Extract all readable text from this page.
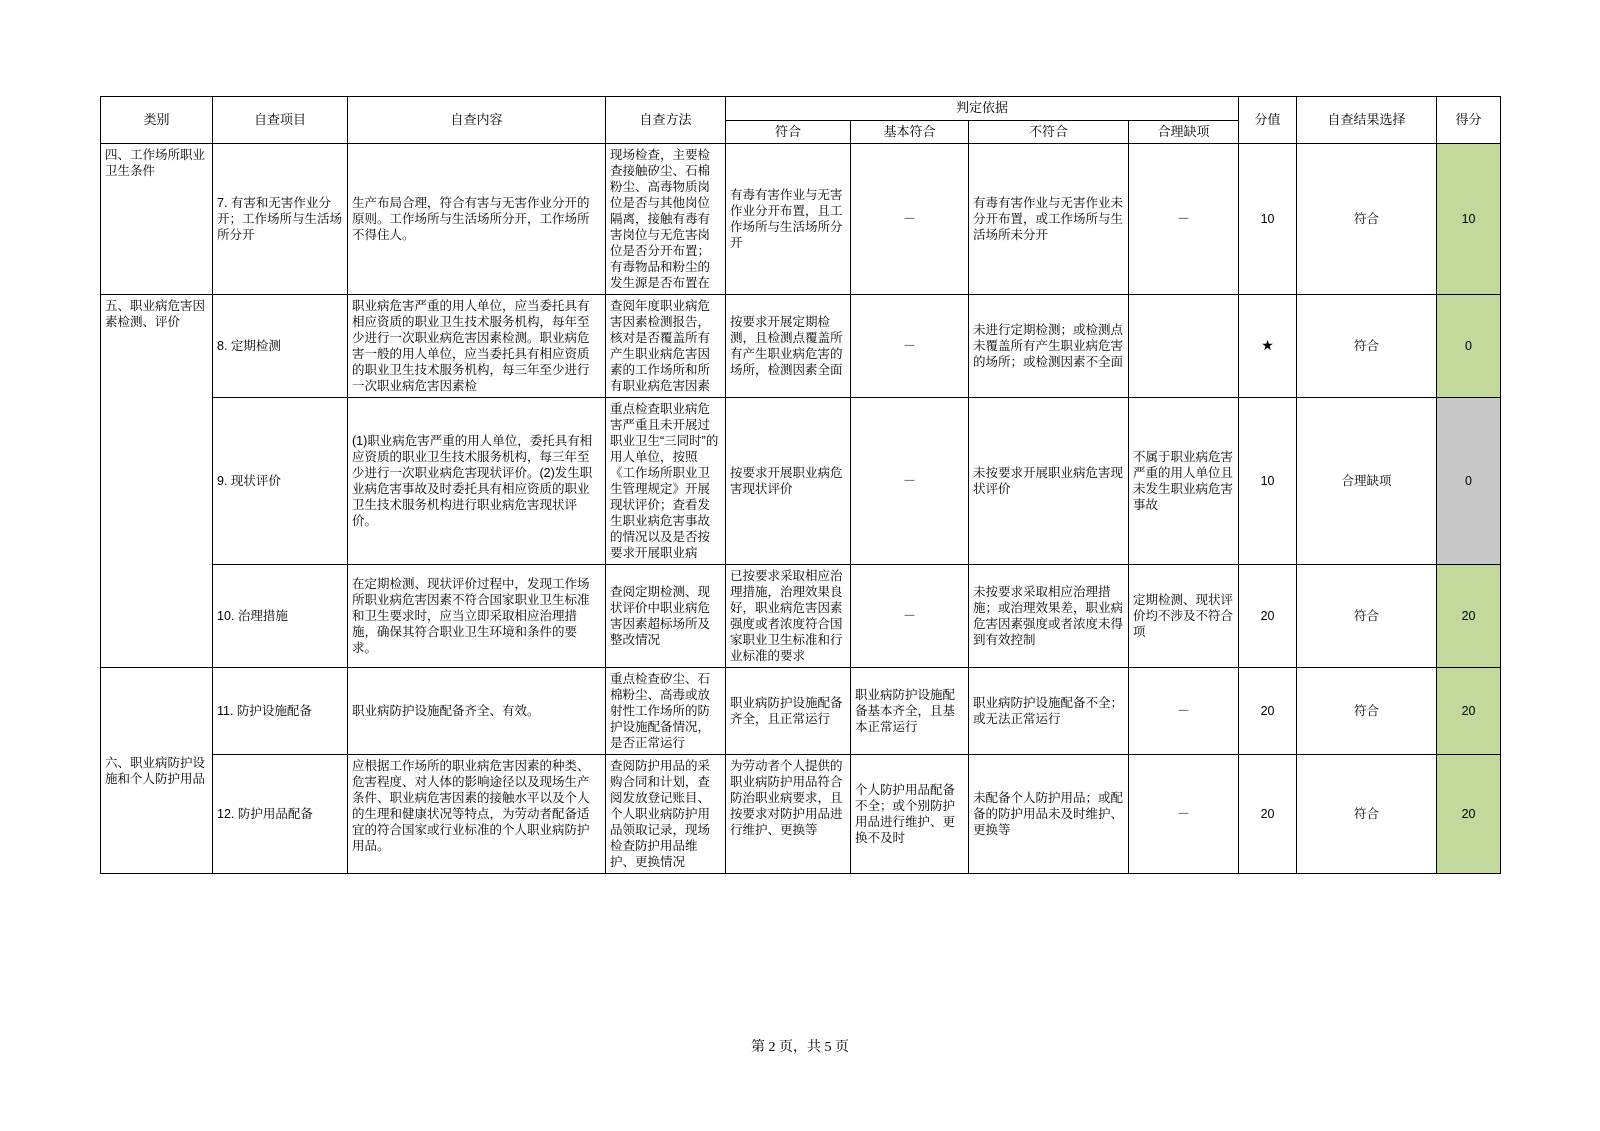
类别	自查项目	自查内容	自查方法	判定依据				分值	自查结果选择	得分
				符合	基本符合	不符合	合理缺项			
四、工作场所职业卫生条件	7. 有害和无害作业分开；工作场所与生活场所分开	生产布局合理，符合有害与无害作业分开的原则。工作场所与生活场所分开，工作场所不得住人。	现场检查，主要检查接触矽尘、石棉粉尘、高毒物质岗位是否与其他岗位隔离，接触有毒有害岗位与无危害岗位是否分开布置；有毒物品和粉尘的发生源是否布置在	有毒有害作业与无害作业分开布置，且工作场所与生活场所分开	－	有毒有害作业与无害作业未分开布置，或工作场所与生活场所未分开	－	10	符合	10
五、职业病危害因素检测、评价	8. 定期检测	职业病危害严重的用人单位，应当委托具有相应资质的职业卫生技术服务机构，每年至少进行一次职业病危害因素检测。职业病危害一般的用人单位，应当委托具有相应资质的职业卫生技术服务机构，每三年至少进行一次职业病危害因素检	查阅年度职业病危害因素检测报告，核对是否覆盖所有产生职业病危害因素的工作场所和所有职业病危害因素	按要求开展定期检测，且检测点覆盖所有产生职业病危害的场所，检测因素全面	－	未进行定期检测；或检测点未覆盖所有产生职业病危害的场所；或检测因素不全面		★	符合	0
	9. 现状评价	(1)职业病危害严重的用人单位，委托具有相应资质的职业卫生技术服务机构，每三年至少进行一次职业病危害现状评价。(2)发生职业病危害事故及时委托具有相应资质的职业卫生技术服务机构进行职业病危害现状评价。	重点检查职业病危害严重且未开展过职业卫生“三同时”的用人单位，按照《工作场所职业卫生管理规定》开展现状评价；查看发生职业病危害事故的情况以及是否按要求开展职业病	按要求开展职业病危害现状评价	－	未按要求开展职业病危害现状评价	不属于职业病危害严重的用人单位且未发生职业病危害事故	10	合理缺项	0
	10. 治理措施	在定期检测、现状评价过程中，发现工作场所职业病危害因素不符合国家职业卫生标准和卫生要求时，应当立即采取相应治理措施，确保其符合职业卫生环境和条件的要求。	查阅定期检测、现状评价中职业病危害因素超标场所及整改情况	已按要求采取相应治理措施，治理效果良好，职业病危害因素强度或者浓度符合国家职业卫生标准和行业标准的要求	－	未按要求采取相应治理措施；或治理效果差，职业病危害因素强度或者浓度未得到有效控制	定期检测、现状评价均不涉及不符合项	20	符合	20
六、职业病防护设施和个人防护用品	11. 防护设施配备	职业病防护设施配备齐全、有效。	重点检查矽尘、石棉粉尘、高毒或放射性工作场所的防护设施配备情况，是否正常运行	职业病防护设施配备齐全，且正常运行	职业病防护设施配备基本齐全，且基本正常运行	职业病防护设施配备不全；或无法正常运行	－	20	符合	20
	12. 防护用品配备	应根据工作场所的职业病危害因素的种类、危害程度、对人体的影响途径以及现场生产条件、职业病危害因素的接触水平以及个人的生理和健康状况等特点，为劳动者配备适宜的符合国家或行业标准的个人职业病防护用品。	查阅防护用品的采购合同和计划，查阅发放登记账目、个人职业病防护用品领取记录，现场检查防护用品维护、更换情况	为劳动者个人提供的职业病防护用品符合防治职业病要求，且按要求对防护用品进行维护、更换等	个人防护用品配备不全；或个别防护用品进行维护、更换不及时	未配备个人防护用品；或配备的防护用品未及时维护、更换等	－	20	符合	20
第 2 页，共 5 页
